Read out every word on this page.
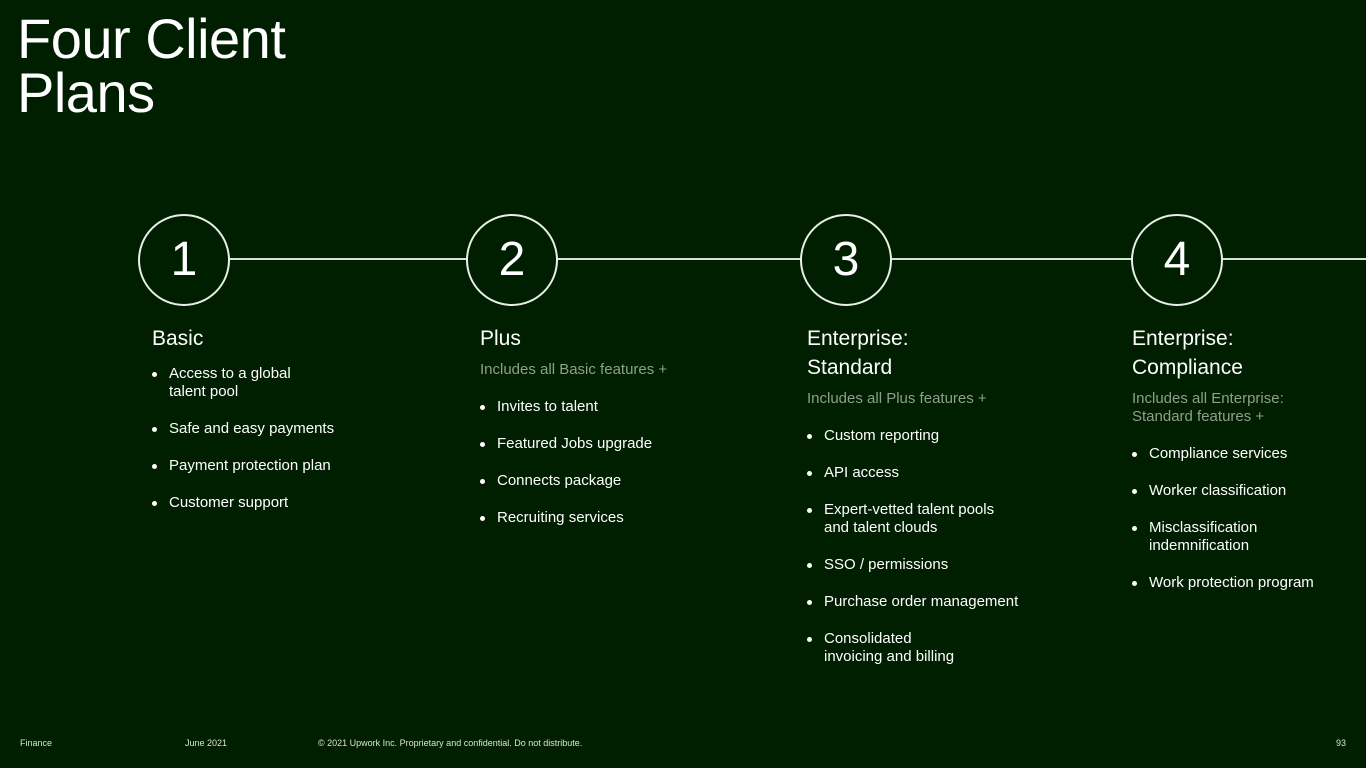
Four Client Plans
1	2	3	4
Basic
Access to a global
talent pool
Safe and easy payments
Payment protection plan
Customer support
Plus
Includes all Basic features +
Invites to talent
Featured Jobs upgrade
Connects package
Recruiting services
Enterprise:
Standard
Includes all Plus features +
Custom reporting
API access
Expert-vetted talent pools
and talent clouds
SSO / permissions
Purchase order management
Consolidated
invoicing and billing
Enterprise:
Compliance
Includes all Enterprise:
Standard features +
Compliance services
Worker classification
Misclassification
indemnification
Work protection program
Finance	June 2021	© 2021 Upwork Inc. Proprietary and confidential. Do not distribute.	93
